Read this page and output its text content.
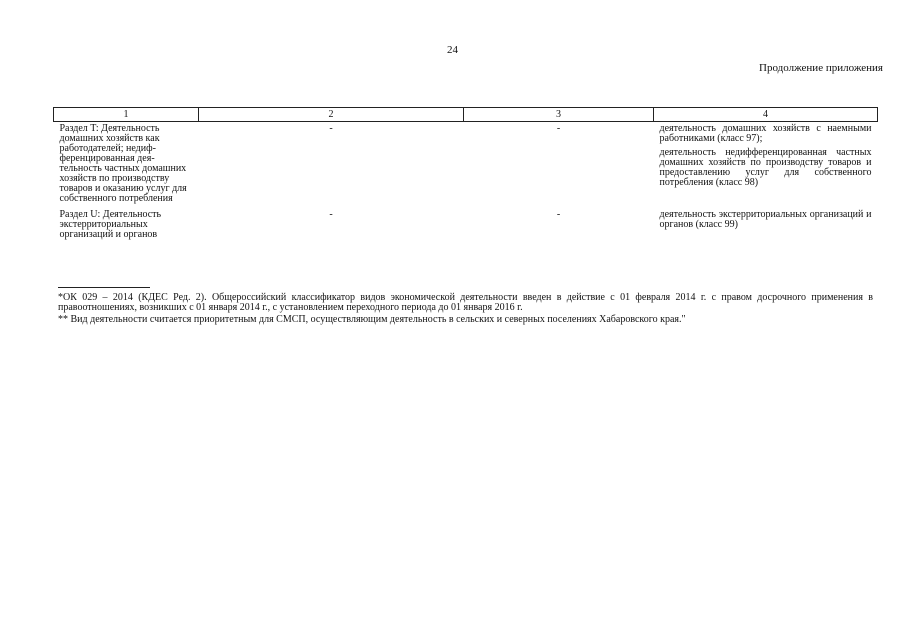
24
Продолжение приложения
1	2	3	4
Раздел T: Деятельность домашних хозяйств как работодателей; недифференцированная деятельность частных домашних хозяйств по производству товаров и оказанию услуг для собственного потребления	-	-	деятельность домашних хозяйств с наемными работниками (класс 97);

деятельность недифференцированная частных домашних хозяйств по производству товаров и предоставлению услуг для собственного потребления (класс 98)

Раздел U: Деятельность экстерриториальных организаций и органов	-	-	деятельность экстерриториальных организаций и органов (класс 99)

*ОК 029 – 2014 (КДЕС Ред. 2). Общероссийский классификатор видов экономической деятельности введен в действие с 01 февраля 2014 г. с правом досрочного применения в правоотношениях, возникших с 01 января 2014 г., с установлением переходного периода до 01 января 2016 г.

** Вид деятельности считается приоритетным для СМСП, осуществляющим деятельность в сельских и северных поселениях Хабаровского края."
